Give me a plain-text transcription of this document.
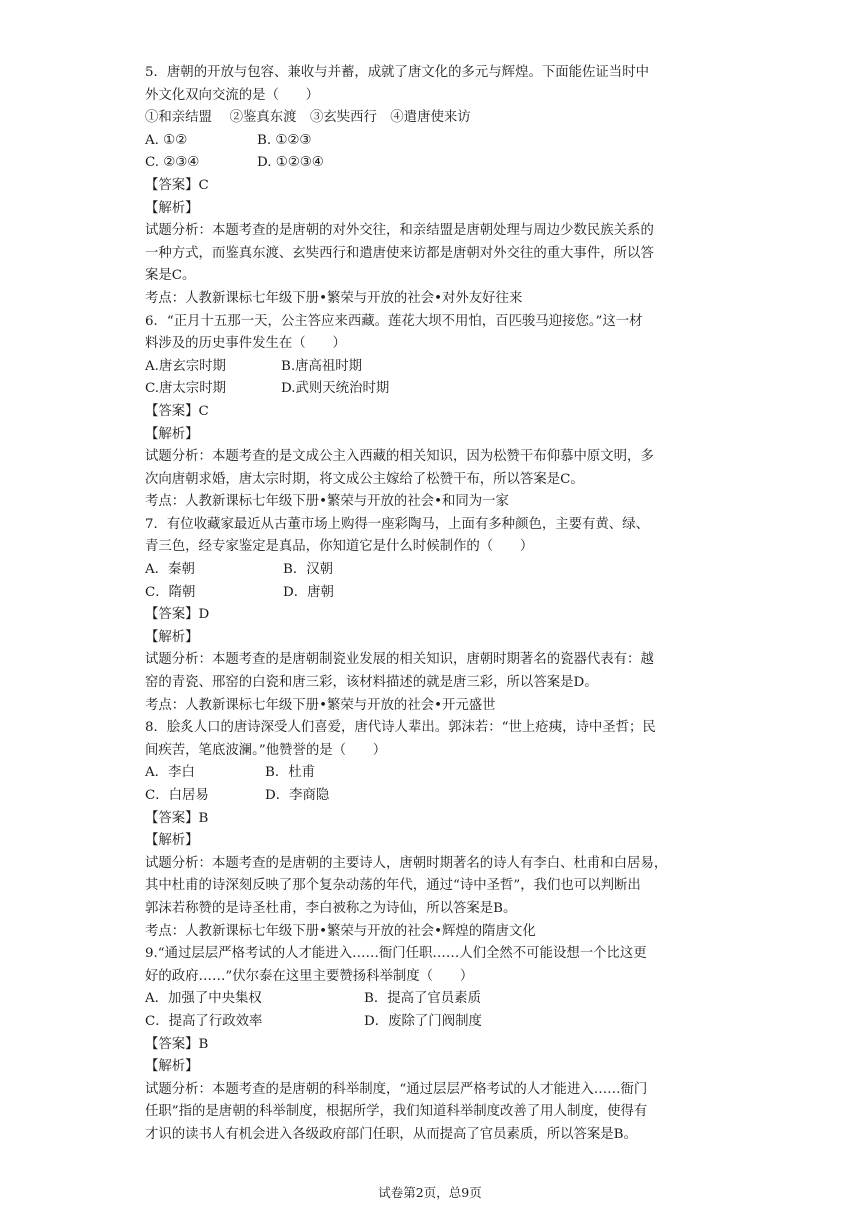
5．唐朝的开放与包容、兼收与并蓄，成就了唐文化的多元与辉煌。下面能佐证当时中
外文化双向交流的是（　　）
①和亲结盟　 ②鉴真东渡　③玄奘西行　④遣唐使来访
A. ①②	B. ①②③
C. ②③④	D. ①②③④
【答案】C
【解析】
试题分析：本题考查的是唐朝的对外交往，和亲结盟是唐朝处理与周边少数民族关系的
一种方式，而鉴真东渡、玄奘西行和遣唐使来访都是唐朝对外交往的重大事件，所以答
案是C。
考点：人教新课标七年级下册•繁荣与开放的社会•对外友好往来
6．“正月十五那一天，公主答应来西藏。莲花大坝不用怕，百匹骏马迎接您。”这一材
料涉及的历史事件发生在（　　）
A.唐玄宗时期	B.唐高祖时期
C.唐太宗时期	D.武则天统治时期
【答案】C
【解析】
试题分析：本题考查的是文成公主入西藏的相关知识，因为松赞干布仰慕中原文明，多
次向唐朝求婚，唐太宗时期，将文成公主嫁给了松赞干布，所以答案是C。
考点：人教新课标七年级下册•繁荣与开放的社会•和同为一家
7．有位收藏家最近从古董市场上购得一座彩陶马，上面有多种颜色，主要有黄、绿、
青三色，经专家鉴定是真品，你知道它是什么时候制作的（　　）
A．秦朝	B．汉朝
C．隋朝	D．唐朝
【答案】D
【解析】
试题分析：本题考查的是唐朝制瓷业发展的相关知识，唐朝时期著名的瓷器代表有：越
窑的青瓷、邢窑的白瓷和唐三彩，该材料描述的就是唐三彩，所以答案是D。
考点：人教新课标七年级下册•繁荣与开放的社会•开元盛世
8．脍炙人口的唐诗深受人们喜爱，唐代诗人辈出。郭沫若：“世上疮痍，诗中圣哲；民
间疾苦，笔底波澜。”他赞誉的是（　　）
A．李白	B．杜甫
C．白居易	D．李商隐
【答案】B
【解析】
试题分析：本题考查的是唐朝的主要诗人，唐朝时期著名的诗人有李白、杜甫和白居易，
其中杜甫的诗深刻反映了那个复杂动荡的年代，通过“诗中圣哲”，我们也可以判断出
郭沫若称赞的是诗圣杜甫，李白被称之为诗仙，所以答案是B。
考点：人教新课标七年级下册•繁荣与开放的社会•辉煌的隋唐文化
9.“通过层层严格考试的人才能进入……衙门任职……人们全然不可能设想一个比这更
好的政府……”伏尔泰在这里主要赞扬科举制度（　　）
A．加强了中央集权	B．提高了官员素质
C．提高了行政效率	D．废除了门阀制度
【答案】B
【解析】
试题分析：本题考查的是唐朝的科举制度，“通过层层严格考试的人才能进入……衙门
任职”指的是唐朝的科举制度，根据所学，我们知道科举制度改善了用人制度，使得有
才识的读书人有机会进入各级政府部门任职，从而提高了官员素质，所以答案是B。
试卷第2页，总9页
